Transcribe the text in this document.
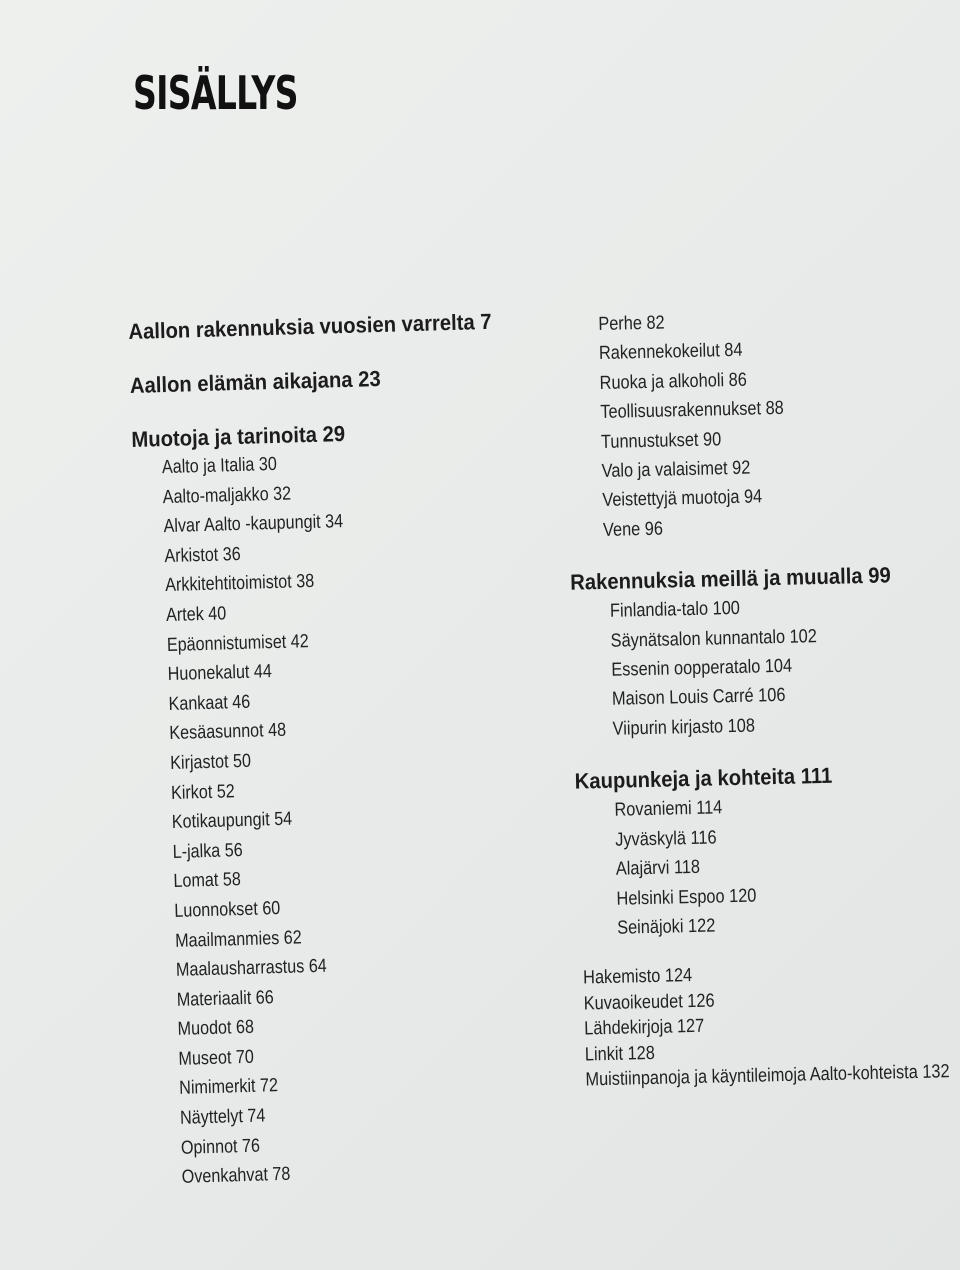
SISÄLLYS
Aallon rakennuksia vuosien varrelta 7
Aallon elämän aikajana 23
Muotoja ja tarinoita 29
Aalto ja Italia 30
Aalto-maljakko 32
Alvar Aalto -kaupungit 34
Arkistot 36
Arkkitehtitoimistot 38
Artek 40
Epäonnistumiset 42
Huonekalut 44
Kankaat 46
Kesäasunnot 48
Kirjastot 50
Kirkot 52
Kotikaupungit 54
L-jalka 56
Lomat 58
Luonnokset 60
Maailmanmies 62
Maalausharrastus 64
Materiaalit 66
Muodot 68
Museot 70
Nimimerkit 72
Näyttelyt 74
Opinnot 76
Ovenkahvat 78
Perhe 82
Rakennekokeilut 84
Ruoka ja alkoholi 86
Teollisuusrakennukset 88
Tunnustukset 90
Valo ja valaisimet 92
Veistettyjä muotoja 94
Vene 96
Rakennuksia meillä ja muualla 99
Finlandia-talo 100
Säynätsalon kunnantalo 102
Essenin oopperatalo 104
Maison Louis Carré 106
Viipurin kirjasto 108
Kaupunkeja ja kohteita 111
Rovaniemi 114
Jyväskylä 116
Alajärvi 118
Helsinki Espoo 120
Seinäjoki 122
Hakemisto 124
Kuvaoikeudet 126
Lähdekirjoja 127
Linkit 128
Muistiinpanoja ja käyntileimoja Aalto-kohteista 132
